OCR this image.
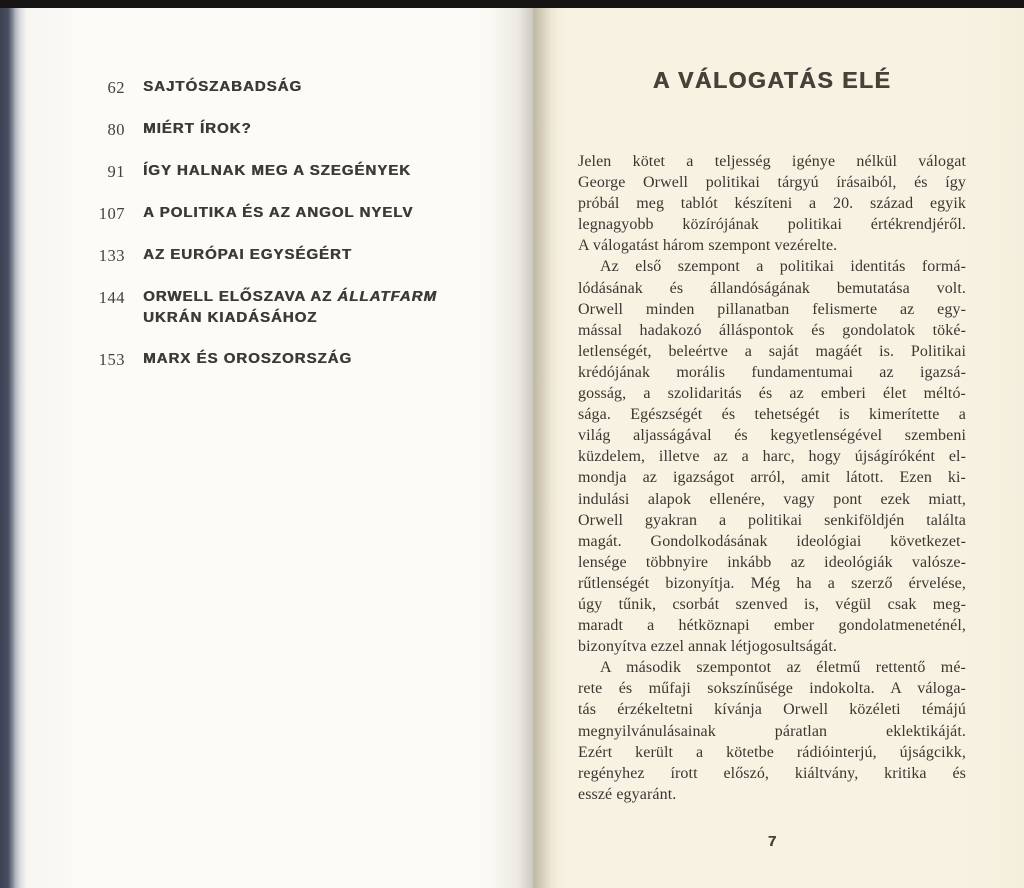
62 SAJTÓSZABADSÁG
80 MIÉRT ÍROK?
91 ÍGY HALNAK MEG A SZEGÉNYEK
107 A POLITIKA ÉS AZ ANGOL NYELV
133 AZ EURÓPAI EGYSÉGÉRT
144 ORWELL ELŐSZAVA AZ ÁLLATFARM
UKRÁN KIADÁSÁHOZ
153 MARX ÉS OROSZORSZÁG
A VÁLOGATÁS ELÉ
Jelen kötet a teljesség igénye nélkül válogat
George Orwell politikai tárgyú írásaiból, és így
próbál meg tablót készíteni a 20. század egyik
legnagyobb közírójának politikai értékrendjéről.
A válogatást három szempont vezérelte.
Az első szempont a politikai identitás formá-
lódásának és állandóságának bemutatása volt.
Orwell minden pillanatban felismerte az egy-
mással hadakozó álláspontok és gondolatok töké-
letlenségét, beleértve a saját magáét is. Politikai
krédójának morális fundamentumai az igazsá-
gosság, a szolidaritás és az emberi élet méltó-
sága. Egészségét és tehetségét is kimerítette a
világ aljasságával és kegyetlenségével szembeni
küzdelem, illetve az a harc, hogy újságíróként el-
mondja az igazságot arról, amit látott. Ezen ki-
indulási alapok ellenére, vagy pont ezek miatt,
Orwell gyakran a politikai senkiföldjén találta
magát. Gondolkodásának ideológiai következet-
lensége többnyire inkább az ideológiák valósze-
rűtlenségét bizonyítja. Még ha a szerző érvelése,
úgy tűnik, csorbát szenved is, végül csak meg-
maradt a hétköznapi ember gondolatmeneténél,
bizonyítva ezzel annak létjogosultságát.
A második szempontot az életmű rettentő mé-
rete és műfaji sokszínűsége indokolta. A váloga-
tás érzékeltetni kívánja Orwell közéleti témájú
megnyilvánulásainak páratlan eklektikáját.
Ezért került a kötetbe rádióinterjú, újságcikk,
regényhez írott előszó, kiáltvány, kritika és
esszé egyaránt.
7
